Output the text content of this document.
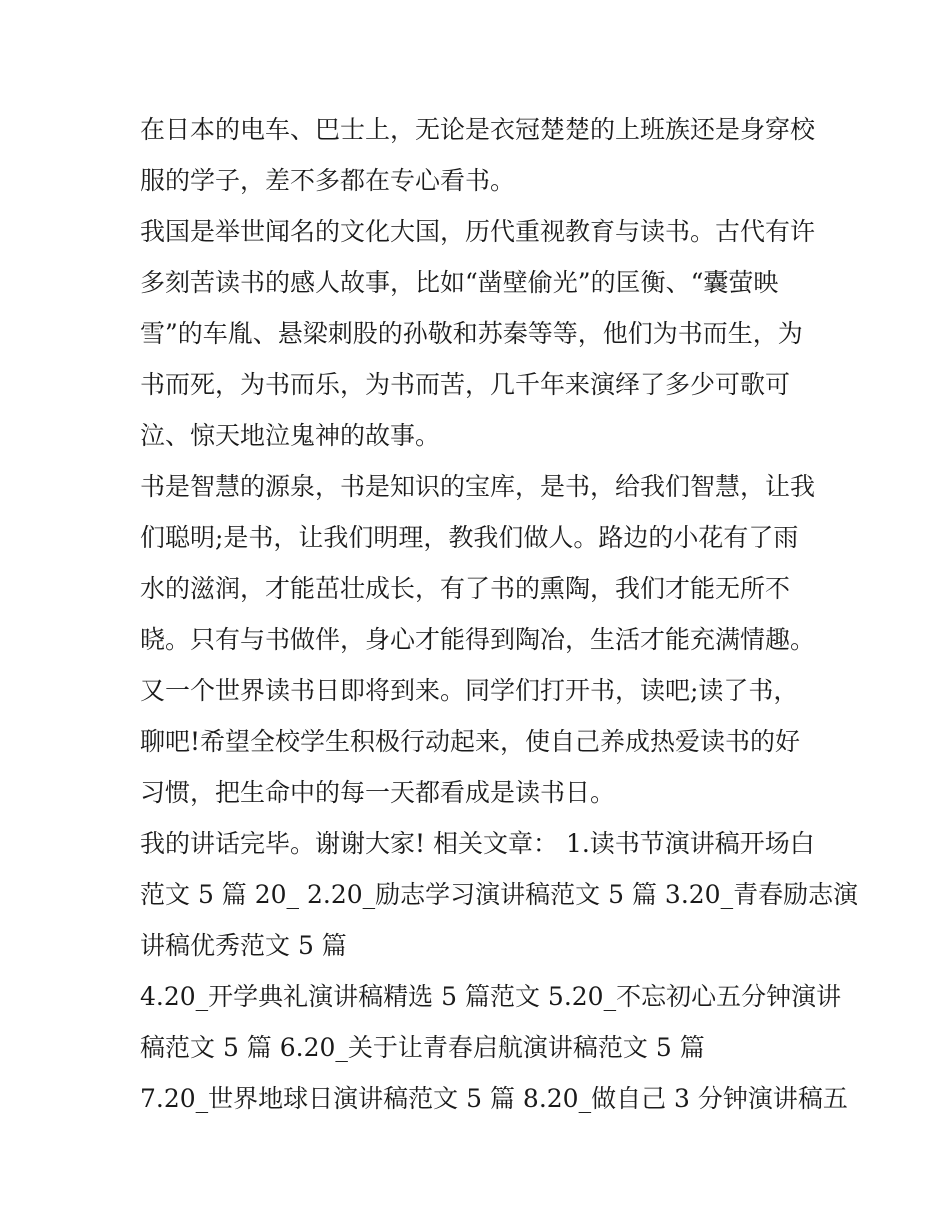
在日本的电车、巴士上，无论是衣冠楚楚的上班族还是身穿校
服的学子，差不多都在专心看书。
我国是举世闻名的文化大国，历代重视教育与读书。古代有许
多刻苦读书的感人故事，比如“凿壁偷光”的匡衡、“囊萤映
雪”的车胤、悬梁刺股的孙敬和苏秦等等，他们为书而生，为
书而死，为书而乐，为书而苦，几千年来演绎了多少可歌可
泣、惊天地泣鬼神的故事。
书是智慧的源泉，书是知识的宝库，是书，给我们智慧，让我
们聪明;是书，让我们明理，教我们做人。路边的小花有了雨
水的滋润，才能茁壮成长，有了书的熏陶，我们才能无所不
晓。只有与书做伴，身心才能得到陶冶，生活才能充满情趣。
又一个世界读书日即将到来。同学们打开书，读吧;读了书，
聊吧!希望全校学生积极行动起来，使自己养成热爱读书的好
习惯，把生命中的每一天都看成是读书日。
我的讲话完毕。谢谢大家! 相关文章： 1.读书节演讲稿开场白
范文 5 篇 20_ 2.20_励志学习演讲稿范文 5 篇 3.20_青春励志演
讲稿优秀范文 5 篇
4.20_开学典礼演讲稿精选 5 篇范文 5.20_不忘初心五分钟演讲
稿范文 5 篇 6.20_关于让青春启航演讲稿范文 5 篇
7.20_世界地球日演讲稿范文 5 篇 8.20_做自己 3 分钟演讲稿五
